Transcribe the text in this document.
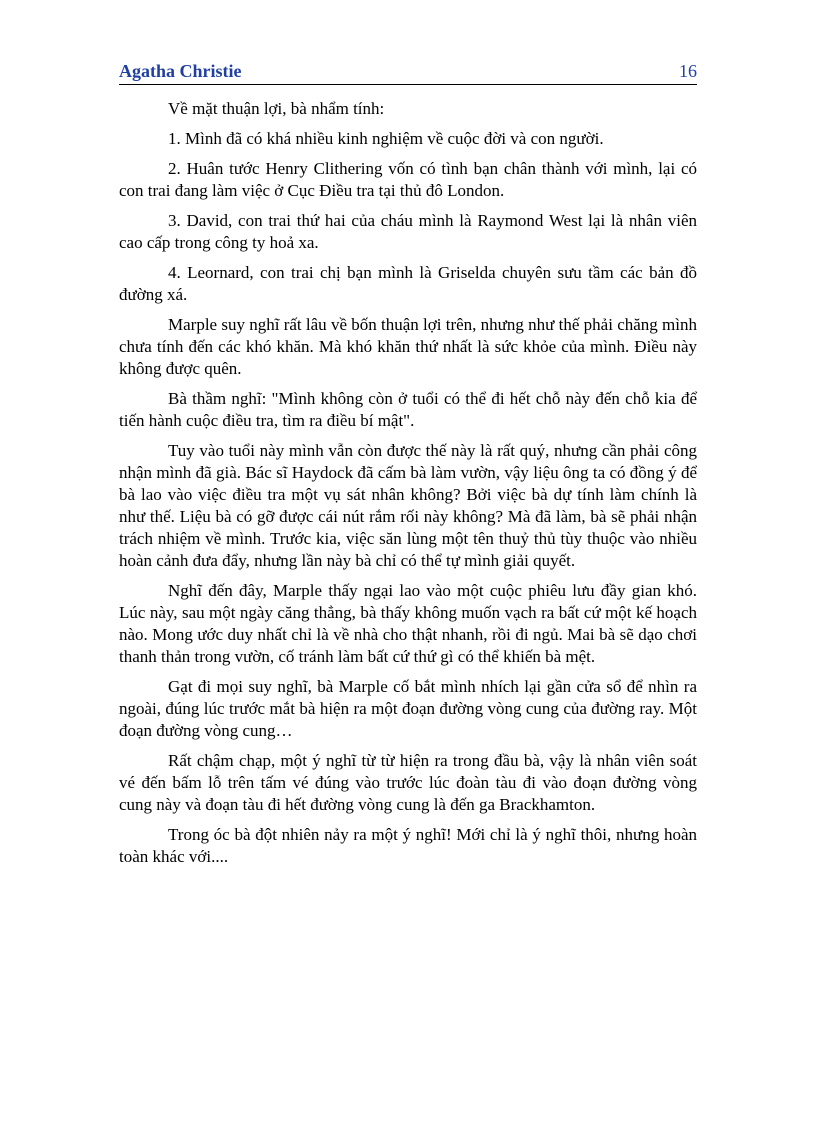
Agatha Christie	16

Về mặt thuận lợi, bà nhẩm tính:

1. Mình đã có khá nhiều kinh nghiệm về cuộc đời và con người.

2. Huân tước Henry Clithering vốn có tình bạn chân thành với mình, lại có con trai đang làm việc ở Cục Điều tra tại thủ đô London.

3. David, con trai thứ hai của cháu mình là Raymond West lại là nhân viên cao cấp trong công ty hoả xa.

4. Leornard, con trai chị bạn mình là Griselda chuyên sưu tầm các bản đồ đường xá.

Marple suy nghĩ rất lâu về bốn thuận lợi trên, nhưng như thế phải chăng mình chưa tính đến các khó khăn. Mà khó khăn thứ nhất là sức khỏe của mình. Điều này không được quên.

Bà thầm nghĩ: "Mình không còn ở tuổi có thể đi hết chỗ này đến chỗ kia để tiến hành cuộc điều tra, tìm ra điều bí mật".

Tuy vào tuổi này mình vẫn còn được thế này là rất quý, nhưng cần phải công nhận mình đã già. Bác sĩ Haydock đã cấm bà làm vườn, vậy liệu ông ta có đồng ý để bà lao vào việc điều tra một vụ sát nhân không? Bởi việc bà dự tính làm chính là như thế. Liệu bà có gỡ được cái nút rắm rối này không? Mà đã làm, bà sẽ phải nhận trách nhiệm về mình. Trước kia, việc săn lùng một tên thuỷ thủ tùy thuộc vào nhiều hoàn cảnh đưa đẩy, nhưng lần này bà chỉ có thể tự mình giải quyết.

Nghĩ đến đây, Marple thấy ngại lao vào một cuộc phiêu lưu đầy gian khó. Lúc này, sau một ngày căng thẳng, bà thấy không muốn vạch ra bất cứ một kế hoạch nào. Mong ước duy nhất chỉ là về nhà cho thật nhanh, rồi đi ngủ. Mai bà sẽ dạo chơi thanh thản trong vườn, cố tránh làm bất cứ thứ gì có thể khiến bà mệt.

Gạt đi mọi suy nghĩ, bà Marple cố bắt mình nhích lại gần cửa sổ để nhìn ra ngoài, đúng lúc trước mắt bà hiện ra một đoạn đường vòng cung của đường ray. Một đoạn đường vòng cung…

Rất chậm chạp, một ý nghĩ từ từ hiện ra trong đầu bà, vậy là nhân viên soát vé đến bấm lỗ trên tấm vé đúng vào trước lúc đoàn tàu đi vào đoạn đường vòng cung này và đoạn tàu đi hết đường vòng cung là đến ga Brackhamton.

Trong óc bà đột nhiên nảy ra một ý nghĩ! Mới chỉ là ý nghĩ thôi, nhưng hoàn toàn khác với....
